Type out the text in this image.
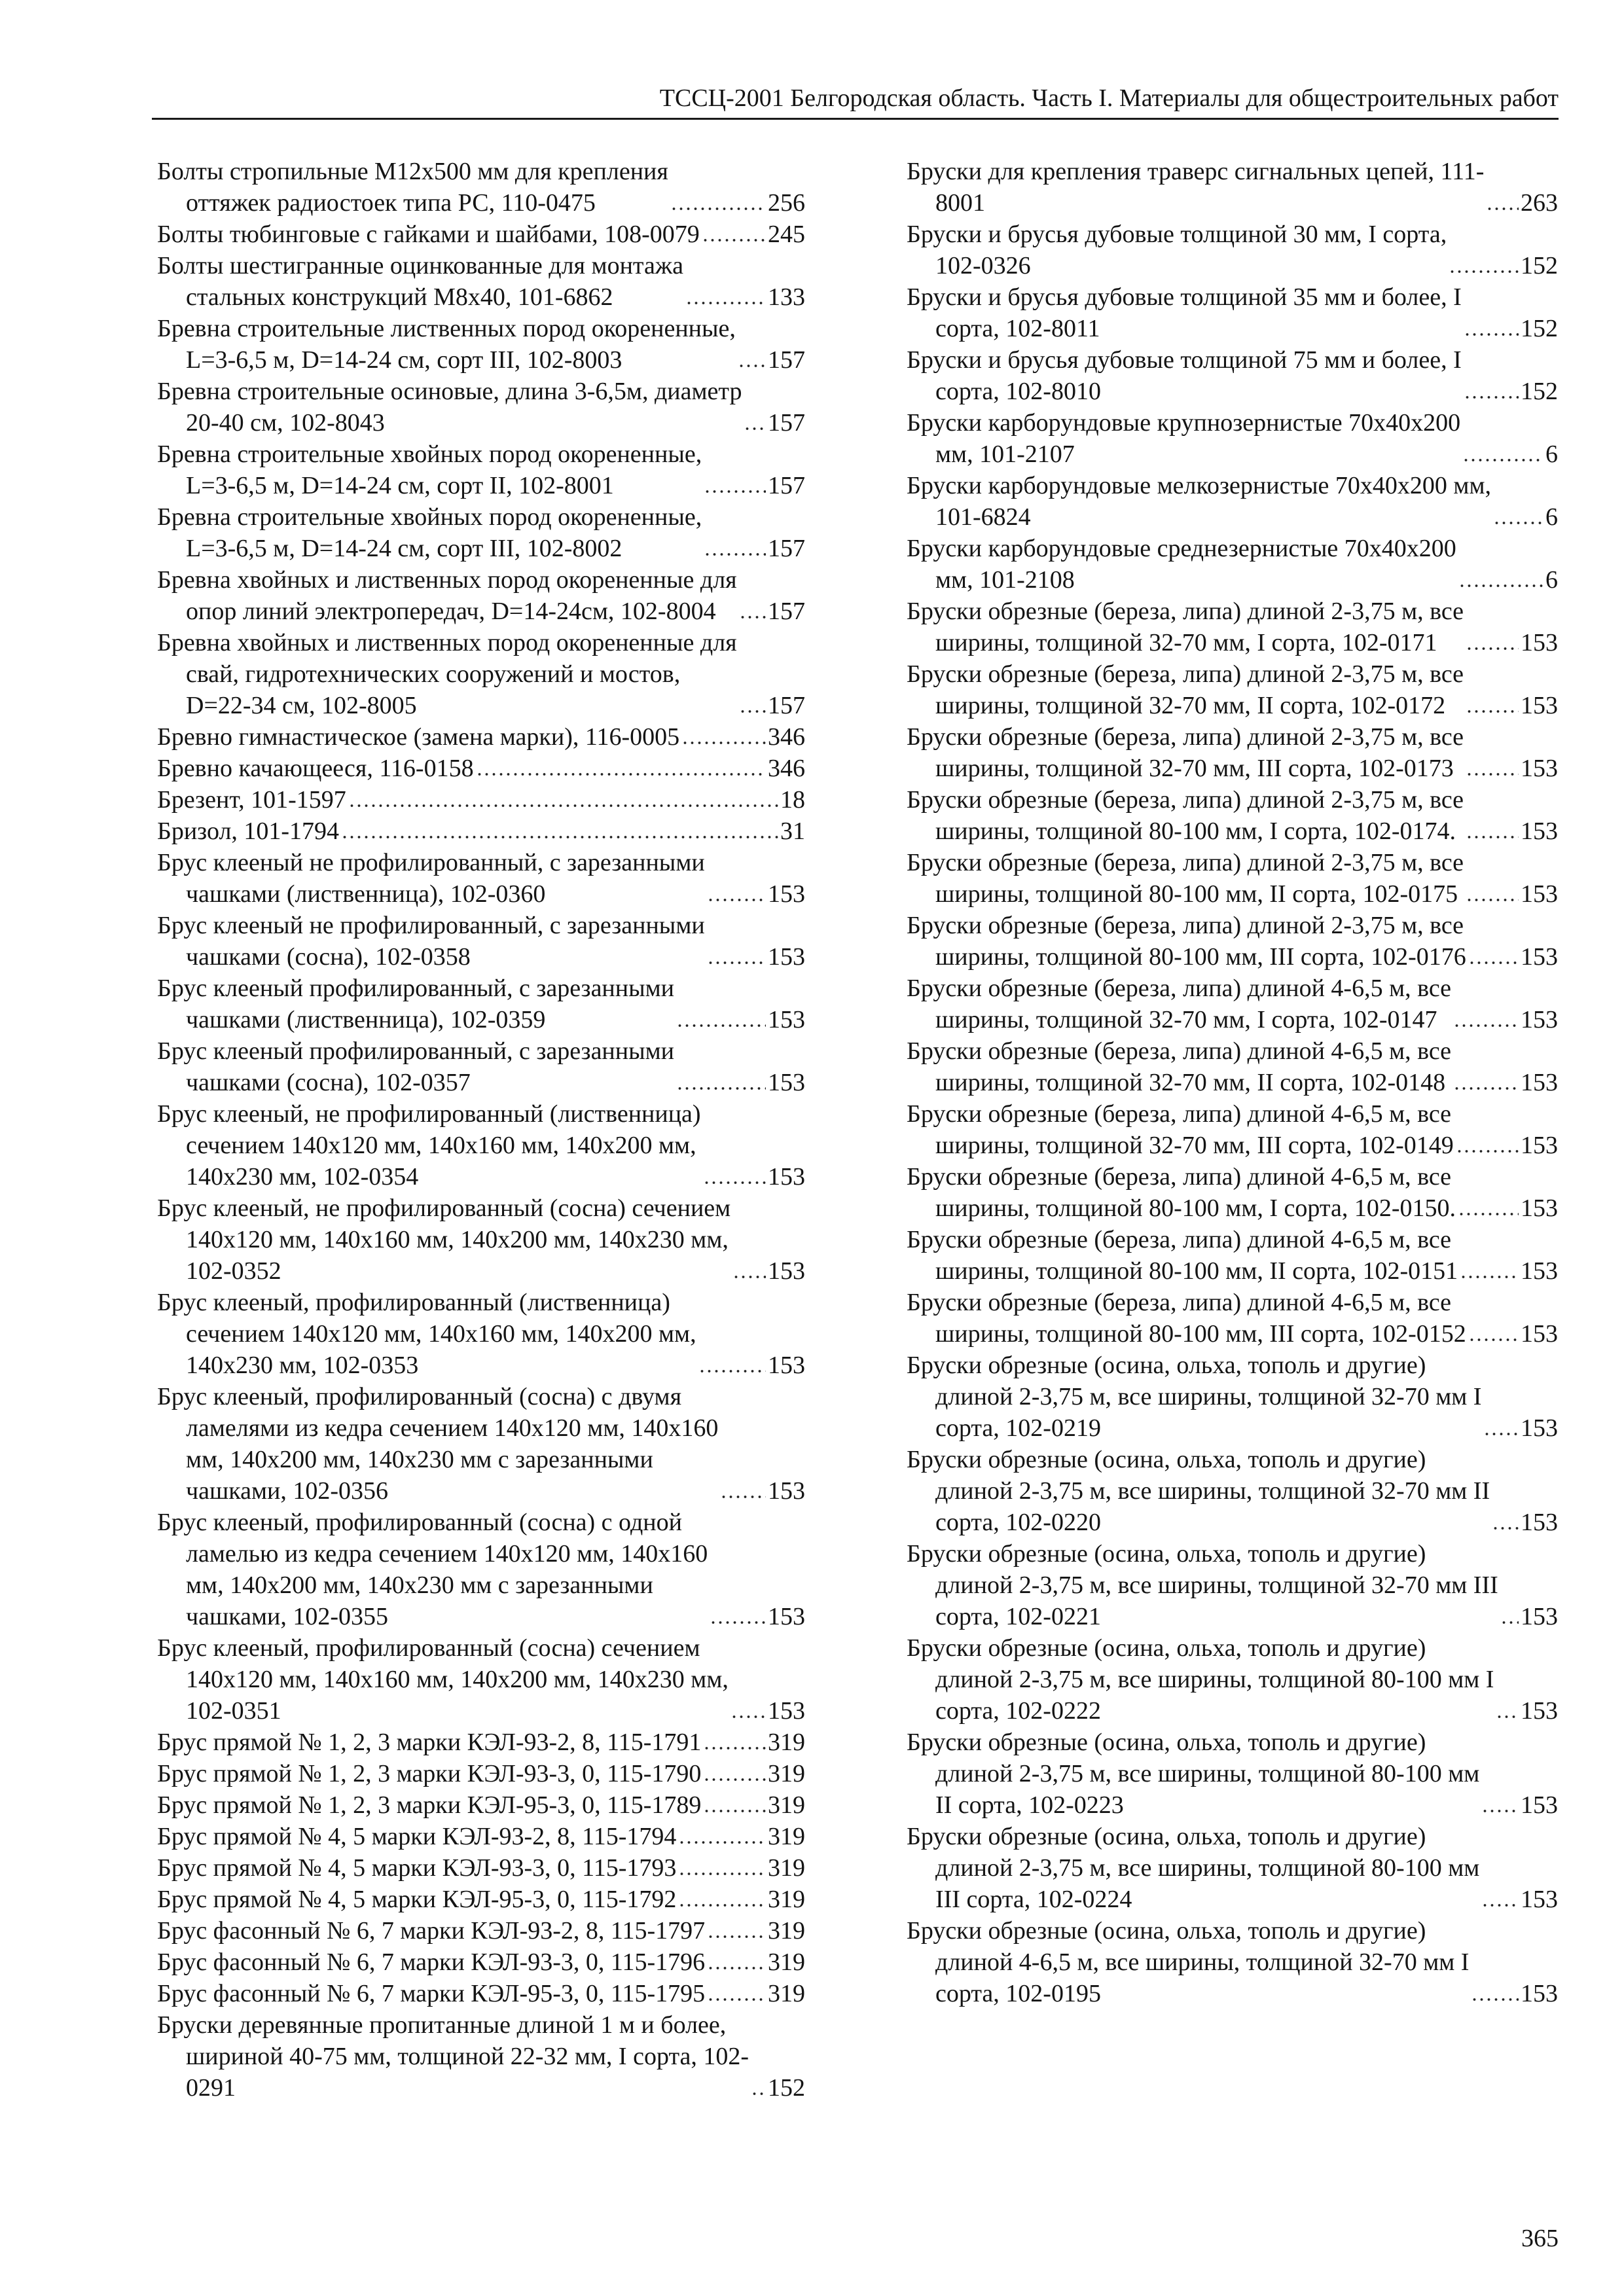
ТССЦ-2001 Белгородская область. Часть I. Материалы для общестроительных работ
Болты стропильные М12х500 мм для крепления
оттяжек радиостоек типа РС, 110-0475	256
Болты тюбинговые с гайками и шайбами, 108-0079	245
Болты шестигранные оцинкованные для монтажа
стальных конструкций М8х40, 101-6862	133
Бревна строительные лиственных пород окорененные,
L=3-6,5 м, D=14-24 см, сорт III, 102-8003	157
Бревна строительные осиновые, длина 3-6,5м, диаметр
20-40 см, 102-8043	157
Бревна строительные хвойных пород окорененные,
L=3-6,5 м, D=14-24 см, сорт II, 102-8001	157
Бревна строительные хвойных пород окорененные,
L=3-6,5 м, D=14-24 см, сорт III, 102-8002	157
Бревна хвойных и лиственных пород окорененные для
опор линий электропередач, D=14-24см, 102-8004	157
Бревна хвойных и лиственных пород окорененные для
свай, гидротехнических сооружений и мостов,
D=22-34 см, 102-8005	157
Бревно гимнастическое (замена марки), 116-0005	346
Бревно качающееся, 116-0158	346
Брезент, 101-1597	18
Бризол, 101-1794	31
Брус клееный не профилированный, с зарезанными
чашками (лиственница), 102-0360	153
Брус клееный не профилированный, с зарезанными
чашками (сосна), 102-0358	153
Брус клееный профилированный, с зарезанными
чашками (лиственница), 102-0359	153
Брус клееный профилированный, с зарезанными
чашками (сосна), 102-0357	153
Брус клееный, не профилированный (лиственница)
сечением 140х120 мм, 140х160 мм, 140х200 мм,
140х230 мм, 102-0354	153
Брус клееный, не профилированный (сосна) сечением
140х120 мм, 140х160 мм, 140х200 мм, 140х230 мм,
102-0352	153
Брус клееный, профилированный (лиственница)
сечением 140х120 мм, 140х160 мм, 140х200 мм,
140х230 мм, 102-0353	153
Брус клееный, профилированный (сосна) с двумя
ламелями из кедра сечением 140х120 мм, 140х160
мм, 140х200 мм, 140х230 мм с зарезанными
чашками, 102-0356	153
Брус клееный, профилированный (сосна) с одной
ламелью из кедра сечением 140х120 мм, 140х160
мм, 140х200 мм, 140х230 мм с зарезанными
чашками, 102-0355	153
Брус клееный, профилированный (сосна) сечением
140х120 мм, 140х160 мм, 140х200 мм, 140х230 мм,
102-0351	153
Брус прямой № 1, 2, 3 марки КЭЛ-93-2, 8, 115-1791	319
Брус прямой № 1, 2, 3 марки КЭЛ-93-3, 0, 115-1790	319
Брус прямой № 1, 2, 3 марки КЭЛ-95-3, 0, 115-1789	319
Брус прямой № 4, 5 марки КЭЛ-93-2, 8, 115-1794	319
Брус прямой № 4, 5 марки КЭЛ-93-3, 0, 115-1793	319
Брус прямой № 4, 5 марки КЭЛ-95-3, 0, 115-1792	319
Брус фасонный № 6, 7 марки КЭЛ-93-2, 8, 115-1797	319
Брус фасонный № 6, 7 марки КЭЛ-93-3, 0, 115-1796	319
Брус фасонный № 6, 7 марки КЭЛ-95-3, 0, 115-1795	319
Бруски деревянные пропитанные длиной 1 м и более,
шириной 40-75 мм, толщиной 22-32 мм, I сорта, 102-
0291	152
Бруски для крепления траверс сигнальных цепей, 111-
8001	263
Бруски и брусья дубовые толщиной 30 мм, I сорта,
102-0326	152
Бруски и брусья дубовые толщиной 35 мм и более, I
сорта, 102-8011	152
Бруски и брусья дубовые толщиной 75 мм и более, I
сорта, 102-8010	152
Бруски карборундовые крупнозернистые 70х40х200
мм, 101-2107	6
Бруски карборундовые мелкозернистые 70х40х200 мм,
101-6824	6
Бруски карборундовые среднезернистые 70х40х200
мм, 101-2108	6
Бруски обрезные (береза, липа) длиной 2-3,75 м, все
ширины, толщиной 32-70 мм, I сорта, 102-0171	153
Бруски обрезные (береза, липа) длиной 2-3,75 м, все
ширины, толщиной 32-70 мм, II сорта, 102-0172	153
Бруски обрезные (береза, липа) длиной 2-3,75 м, все
ширины, толщиной 32-70 мм, III сорта, 102-0173	153
Бруски обрезные (береза, липа) длиной 2-3,75 м, все
ширины, толщиной 80-100 мм, I сорта, 102-0174.	153
Бруски обрезные (береза, липа) длиной 2-3,75 м, все
ширины, толщиной 80-100 мм, II сорта, 102-0175	153
Бруски обрезные (береза, липа) длиной 2-3,75 м, все
ширины, толщиной 80-100 мм, III сорта, 102-0176 153
Бруски обрезные (береза, липа) длиной 4-6,5 м, все
ширины, толщиной 32-70 мм, I сорта, 102-0147	153
Бруски обрезные (береза, липа) длиной 4-6,5 м, все
ширины, толщиной 32-70 мм, II сорта, 102-0148	153
Бруски обрезные (береза, липа) длиной 4-6,5 м, все
ширины, толщиной 32-70 мм, III сорта, 102-0149	153
Бруски обрезные (береза, липа) длиной 4-6,5 м, все
ширины, толщиной 80-100 мм, I сорта, 102-0150.	153
Бруски обрезные (береза, липа) длиной 4-6,5 м, все
ширины, толщиной 80-100 мм, II сорта, 102-0151	153
Бруски обрезные (береза, липа) длиной 4-6,5 м, все
ширины, толщиной 80-100 мм, III сорта, 102-0152 153
Бруски обрезные (осина, ольха, тополь и другие)
длиной 2-3,75 м, все ширины, толщиной 32-70 мм I
сорта, 102-0219	153
Бруски обрезные (осина, ольха, тополь и другие)
длиной 2-3,75 м, все ширины, толщиной 32-70 мм II
сорта, 102-0220	153
Бруски обрезные (осина, ольха, тополь и другие)
длиной 2-3,75 м, все ширины, толщиной 32-70 мм III
сорта, 102-0221	153
Бруски обрезные (осина, ольха, тополь и другие)
длиной 2-3,75 м, все ширины, толщиной 80-100 мм I
сорта, 102-0222	153
Бруски обрезные (осина, ольха, тополь и другие)
длиной 2-3,75 м, все ширины, толщиной 80-100 мм
II сорта, 102-0223	153
Бруски обрезные (осина, ольха, тополь и другие)
длиной 2-3,75 м, все ширины, толщиной 80-100 мм
III сорта, 102-0224	153
Бруски обрезные (осина, ольха, тополь и другие)
длиной 4-6,5 м, все ширины, толщиной 32-70 мм I
сорта, 102-0195	153
365
